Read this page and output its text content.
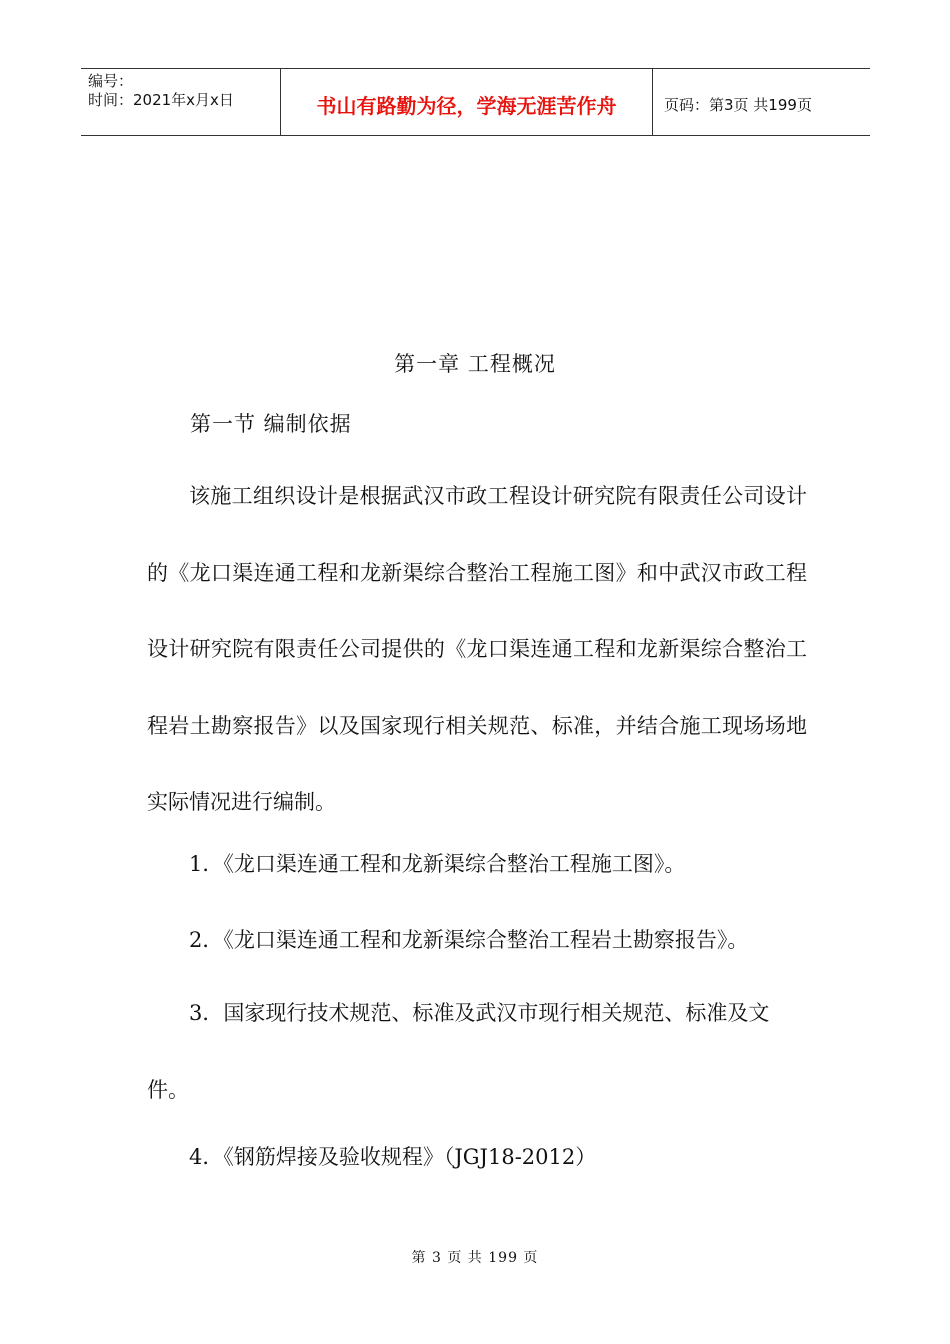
编号：
时间：2021年x月x日	书山有路勤为径，学海无涯苦作舟	页码：第3页 共199页
第一章 工程概况
第一节 编制依据
该施工组织设计是根据武汉市政工程设计研究院有限责任公司设计的《龙口渠连通工程和龙新渠综合整治工程施工图》和中武汉市政工程设计研究院有限责任公司提供的《龙口渠连通工程和龙新渠综合整治工程岩土勘察报告》以及国家现行相关规范、标准，并结合施工现场场地实际情况进行编制。
1．《龙口渠连通工程和龙新渠综合整治工程施工图》。
2．《龙口渠连通工程和龙新渠综合整治工程岩土勘察报告》。
3．国家现行技术规范、标准及武汉市现行相关规范、标准及文件。
4．《钢筋焊接及验收规程》（JGJ18-2012）
第 3 页 共 199 页
